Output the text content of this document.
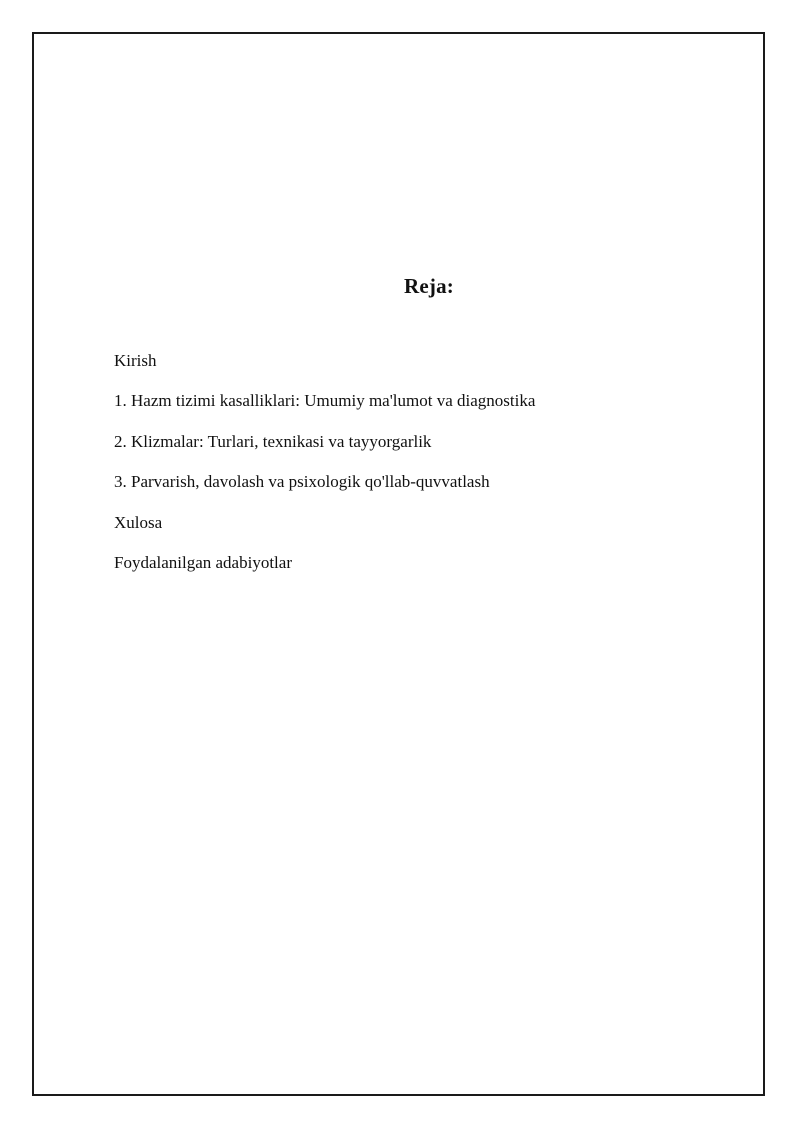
Reja:
Kirish
1. Hazm tizimi kasalliklari: Umumiy ma'lumot va diagnostika
2. Klizmalar: Turlari, texnikasi va tayyorgarlik
3. Parvarish, davolash va psixologik qo'llab-quvvatlash
Xulosa
Foydalanilgan adabiyotlar
